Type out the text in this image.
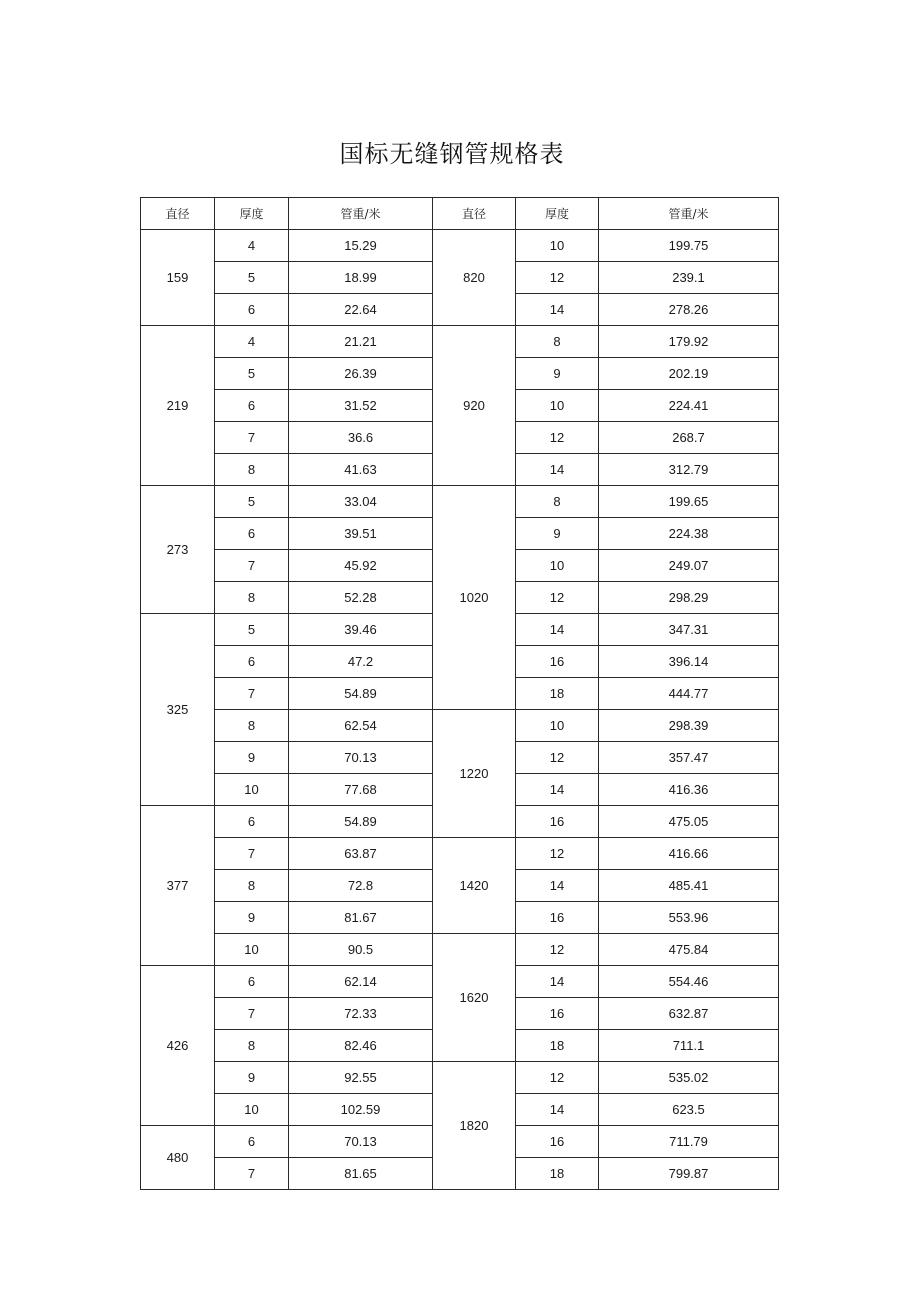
国标无缝钢管规格表
直径	厚度	管重/米	直径	厚度	管重/米
159	4	15.29	820	10	199.75
	5	18.99		12	239.1
	6	22.64		14	278.26
219	4	21.21	920	8	179.92
	5	26.39		9	202.19
	6	31.52		10	224.41
	7	36.6		12	268.7
	8	41.63		14	312.79
273	5	33.04	1020	8	199.65
	6	39.51		9	224.38
	7	45.92		10	249.07
	8	52.28		12	298.29
325	5	39.46		14	347.31
	6	47.2		16	396.14
	7	54.89		18	444.77
	8	62.54	1220	10	298.39
	9	70.13		12	357.47
	10	77.68		14	416.36
377	6	54.89		16	475.05
	7	63.87	1420	12	416.66
	8	72.8		14	485.41
	9	81.67		16	553.96
	10	90.5	1620	12	475.84
426	6	62.14		14	554.46
	7	72.33		16	632.87
	8	82.46		18	711.1
	9	92.55	1820	12	535.02
	10	102.59		14	623.5
480	6	70.13		16	711.79
	7	81.65		18	799.87
